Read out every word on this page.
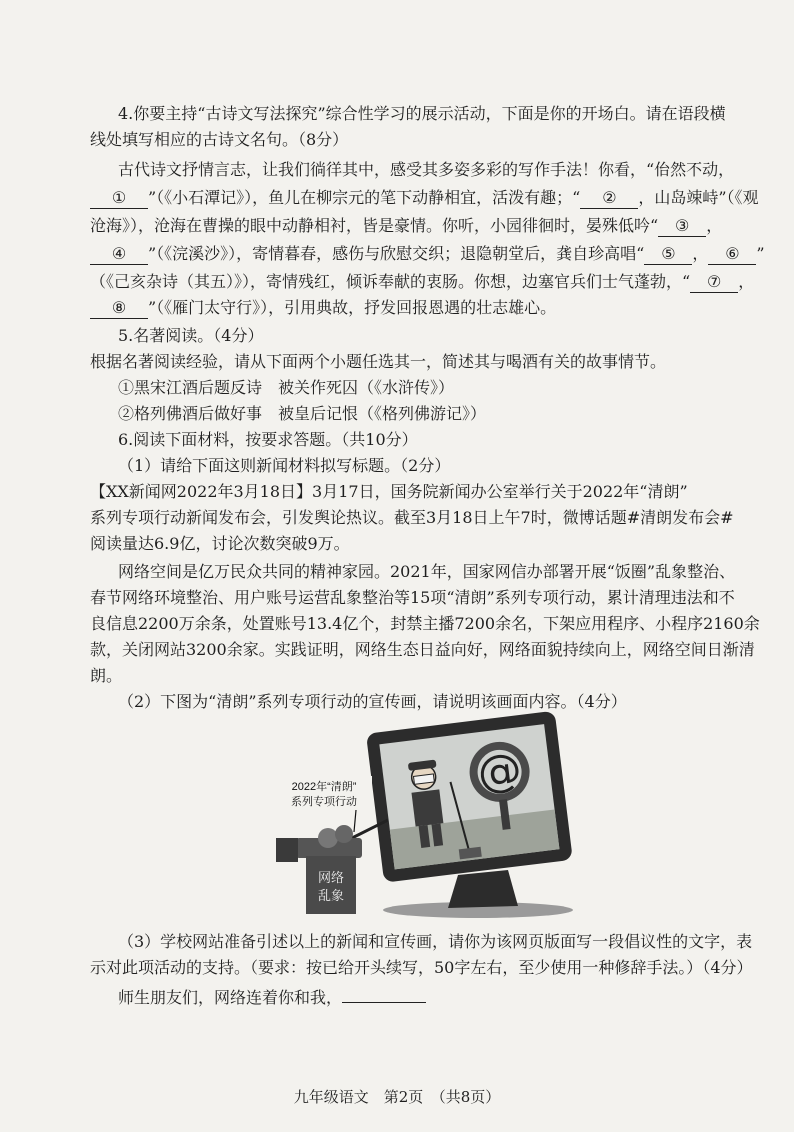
4.你要主持“古诗文写法探究”综合性学习的展示活动，下面是你的开场白。请在语段横
线处填写相应的古诗文名句。（8分）
古代诗文抒情言志，让我们徜徉其中，感受其多姿多彩的写作手法！你看，“佁然不动，
① ”（《小石潭记》），鱼儿在柳宗元的笔下动静相宜，活泼有趣；“ ② ，山岛竦峙”（《观
沧海》），沧海在曹操的眼中动静相衬，皆是豪情。你听，小园徘徊时，晏殊低吟“ ③ ，
④ ”（《浣溪沙》），寄情暮春，感伤与欣慰交织；退隐朝堂后，龚自珍高唱“ ⑤ ， ⑥ ”
（《己亥杂诗（其五）》），寄情残红，倾诉奉献的衷肠。你想，边塞官兵们士气蓬勃，“ ⑦ ，
⑧ ”（《雁门太守行》），引用典故，抒发回报恩遇的壮志雄心。
5.名著阅读。（4分）
根据名著阅读经验，请从下面两个小题任选其一，简述其与喝酒有关的故事情节。
①黑宋江酒后题反诗　被关作死囚（《水浒传》）
②格列佛酒后做好事　被皇后记恨（《格列佛游记》）
6.阅读下面材料，按要求答题。（共10分）
（1）请给下面这则新闻材料拟写标题。（2分）
【XX新闻网2022年3月18日】3月17日，国务院新闻办公室举行关于2022年“清朗”
系列专项行动新闻发布会，引发舆论热议。截至3月18日上午7时，微博话题#清朗发布会#
阅读量达6.9亿，讨论次数突破9万。
网络空间是亿万民众共同的精神家园。2021年，国家网信办部署开展“饭圈”乱象整治、
春节网络环境整治、用户账号运营乱象整治等15项“清朗”系列专项行动，累计清理违法和不
良信息2200万余条，处置账号13.4亿个，封禁主播7200余名，下架应用程序、小程序2160余
款，关闭网站3200余家。实践证明，网络生态日益向好，网络面貌持续向上，网络空间日渐清
朗。
（2）下图为“清朗”系列专项行动的宣传画，请说明该画面内容。（4分）
@
网络
乱象
2022年“清朗”
系列专项行动
（3）学校网站准备引述以上的新闻和宣传画，请你为该网页版面写一段倡议性的文字，表
示对此项活动的支持。（要求：按已给开头续写，50字左右，至少使用一种修辞手法。）（4分）
师生朋友们，网络连着你和我，
九年级语文　第2页　（共8页）
